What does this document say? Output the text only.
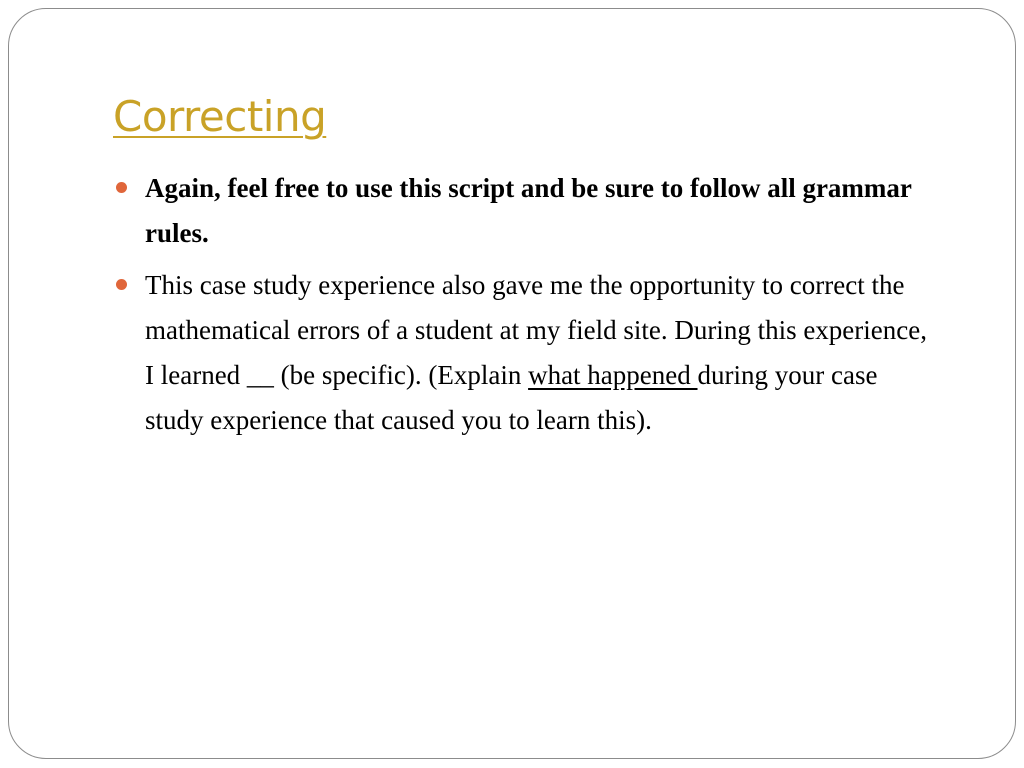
Correcting
Again, feel free to use this script and be sure to follow all grammar rules.
This case study experience also gave me the opportunity to correct the mathematical errors of a student at my field site. During this experience, I learned __ (be specific). (Explain what happened during your case study experience that caused you to learn this).
